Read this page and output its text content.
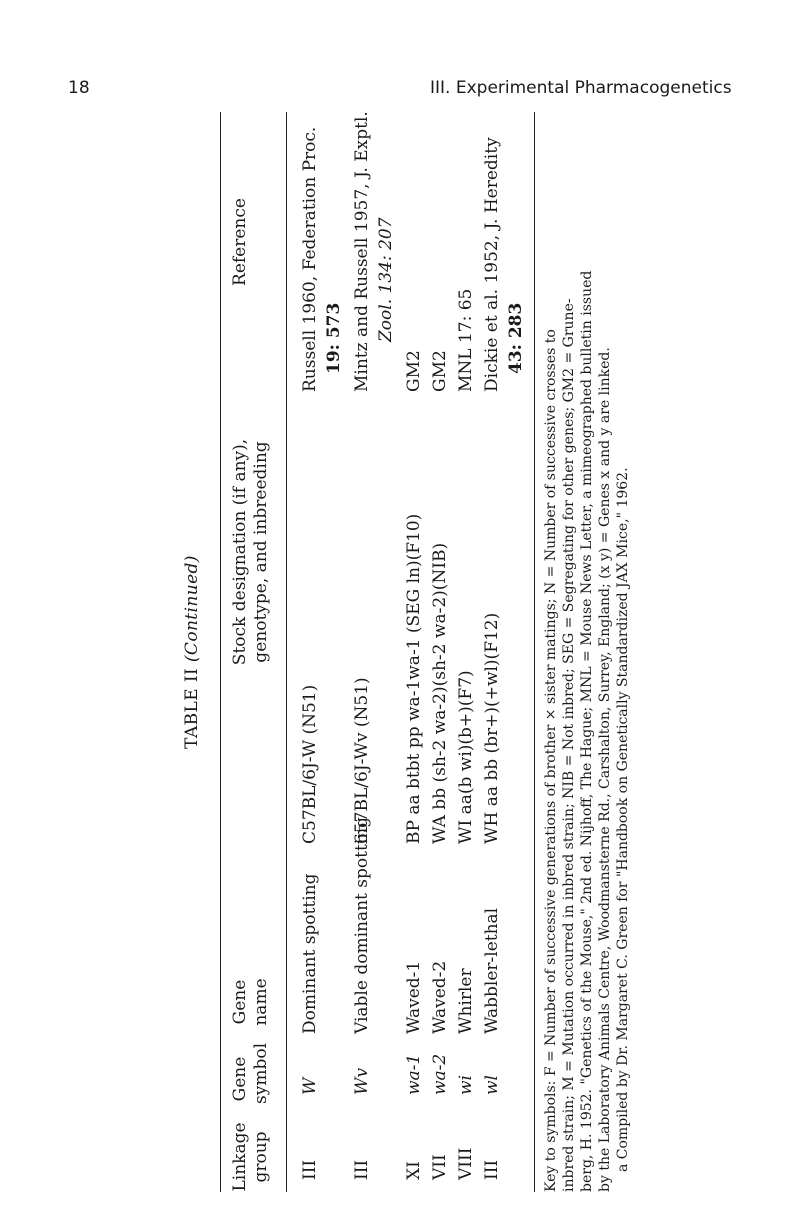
18	III. Experimental Pharmacogenetics
TABLE II (Continued)
Linkage group
Gene symbol
Gene name
Stock designation (if any), genotype, and inbreeding
Reference
III
W
Dominant spotting
C57BL/6J-W (N51)
Russell 1960, Federation Proc. 19: 573
III
Wv
Viable dominant spotting
657BL/6J-Wv (N51)
Mintz and Russell 1957, J. Exptl. Zool. 134: 207
XI
wa-1
Waved-1
BP aa btbt pp wa-1wa-1 (SEG ln)(F10)
GM2
VII
wa-2
Waved-2
WA bb (sh-2 wa-2)(sh-2 wa-2)(NIB)
GM2
VIII
wi
Whirler
WI aa(b wi)(b+)(F7)
MNL 17: 65
III
wl
Wabbler-lethal
WH aa bb (br+)(+wl)(F12)
Dickie et al. 1952, J. Heredity 43: 283 Key to symbols: F = Number of successive generations of brother × sister matings; N = Number of successive crosses to inbred strain; M = Mutation occurred in inbred strain; NIB = Not inbred; SEG = Segregating for other genes; GM2 = Grune- berg, H. 1952. "Genetics of the Mouse," 2nd ed. Nijhoff, The Hague; MNL = Mouse News Letter, a mimeographed bulletin issued by the Laboratory Animals Centre, Woodmansterne Rd., Carshalton, Surrey, England; (x y) = Genes x and y are linked. a Compiled by Dr. Margaret C. Green for "Handbook on Genetically Standardized JAX Mice," 1962.
